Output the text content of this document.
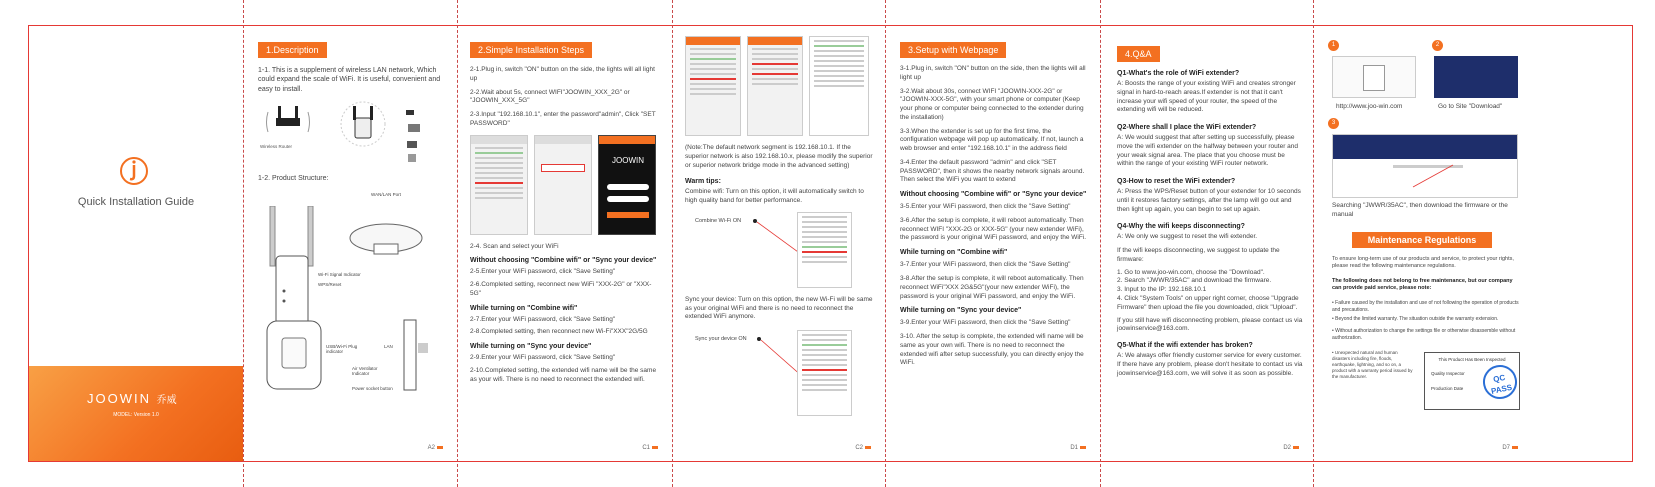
Quick Installation Guide
JOOWIN 乔威
MODEL: Version 1.0
1.Description
1-1. This is a supplement of wireless LAN network, Which could expand the scale of WiFi. It is useful, convenient and easy to install.
Wireless Router
1-2. Product Structure:
WAN/LAN Port
Wi-Fi Signal Indicator
WPS/Reset
USB/Wi-Fi Plug indicator
LAN
Air Ventilator Indicator
Power socket button
A2
2.Simple Installation Steps
2-1.Plug in, switch "ON" button on the side, the lights will all light up
2-2.Wait about 5s, connect WIFI"JOOWIN_XXX_2G" or "JOOWIN_XXX_5G"
2-3.Input "192.168.10.1", enter the password"admin", Click "SET PASSWORD"
JOOWIN
2-4. Scan and select your WiFi
Without choosing "Combine wifi" or "Sync your device"
2-5.Enter your WiFi password, click "Save Setting"
2-6.Completed setting, reconnect new WiFi "XXX-2G" or "XXX-5G"
While turning on "Combine wifi"
2-7.Enter your WiFi password, click "Save Setting"
2-8.Completed setting, then reconnect new Wi-Fi"XXX"2G/5G
While turning on "Sync your device"
2-9.Enter your WiFi password, click "Save Setting"
2-10.Completed setting, the extended wifi name will be the same as your wifi. There is no need to reconnect the extended wifi.
C1
(Note:The default network segment is 192.168.10.1. If the superior network is also 192.168.10.x, please modify the superior or superior network bridge mode in the advanced setting)
Warm tips:
Combine wifi: Turn on this option, it will automatically switch to high quality band for better performance.
Combine Wi-Fi ON
Sync your device: Turn on this option, the new Wi-Fi will be same as your original WiFi and there is no need to reconnect the extended WiFi anymore.
Sync your device ON
C2
3.Setup with Webpage
3-1.Plug in, switch "ON" button on the side, then the lights will all light up
3-2.Wait about 30s, connect WIFI "JOOWIN-XXX-2G" or "JOOWIN-XXX-5G", with your smart phone or computer (Keep your phone or computer being connected to the extender during the installation)
3-3.When the extender is set up for the first time, the configuration webpage will pop up automatically. If not, launch a web browser and enter "192.168.10.1" in the address field
3-4.Enter the default password "admin" and click "SET PASSWORD", then it shows the nearby network signals around. Then select the WiFi you want to extend
Without choosing "Combine wifi" or "Sync your device"
3-5.Enter your WiFi password, then click the "Save Setting"
3-6.After the setup is complete, it will reboot automatically. Then reconnect WIFI "XXX-2G or XXX-5G" (your new extender WiFi), the password is your original WiFi password, and enjoy the WiFi.
While turning on "Combine wifi"
3-7.Enter your WiFi password, then click the "Save Setting"
3-8.After the setup is complete, it will reboot automatically. Then reconnect WiFi"XXX 2G&5G"(your new extender WiFi), the password is your original WiFi password, and enjoy the WiFi.
While turning on "Sync your device"
3-9.Enter your WiFi password, then click the "Save Setting"
3-10. After the setup is complete, the extended wifi name will be same as your own wifi. There is no need to reconnect the extended wifi after setup successfully, you can directly enjoy the WiFi.
D1
4.Q&A
Q1-What's the role of WiFi extender?
A: Boosts the range of your existing WiFi and creates stronger signal in hard-to-reach areas.If extender is not that it can't increase your wifi speed of your router, the speed of the extending wifi will be reduced.
Q2-Where shall I place the WiFi extender?
A: We would suggest that after setting up successfully, please move the wifi extender on the halfway between your router and your weak signal area. The place that you choose must be within the range of your existing WiFi router network.
Q3-How to reset the WiFi extender?
A: Press the WPS/Reset button of your extender for 10 seconds until it restores factory settings, after the lamp will go out and then light up again, you can begin to set up again.
Q4-Why the wifi keeps disconnecting?
A: We only we suggest to reset the wifi extender.
If the wifi keeps disconnecting, we suggest to update the firmware:
1. Go to www.joo-win.com, choose the "Download".
2. Search "JWWR/35AC" and download the firmware.
3. Input to the IP: 192.168.10.1
4. Click "System Tools" on upper right corner, choose "Upgrade Firmware" then upload the file you downloaded, click "Upload".
If you still have wifi disconnecting problem, please contact us via joowinservice@163.com.
Q5-What if the wifi extender has broken?
A: We always offer friendly customer service for every customer. If there have any problem, please don't hesitate to contact us via joowinservice@163.com, we will solve it as soon as possible.
D2
1	2
http://www.joo-win.com	Go to Site "Download"
3
Searching "JWWR/35AC", then download the firmware or the manual
Maintenance Regulations
To ensure long-term use of our products and service, to protect your rights, please read the following maintenance regulations.
The following does not belong to free maintenance, but our company can provide paid service, please note:
• Failure caused by the installation and use of not following the operation of products and precautions.
• Beyond the limited warranty. The situation outside the warranty extension.
• Without authorization to change the settings file or otherwise disassemble without authorization.
• Unexpected natural and human disasters including fire, floods, earthquake, lightning, and so on, a product with a warranty period issued by the manufacturer.
This Product Has Been Inspected
Quality Inspector
Production Date
QC
PASS
D7
